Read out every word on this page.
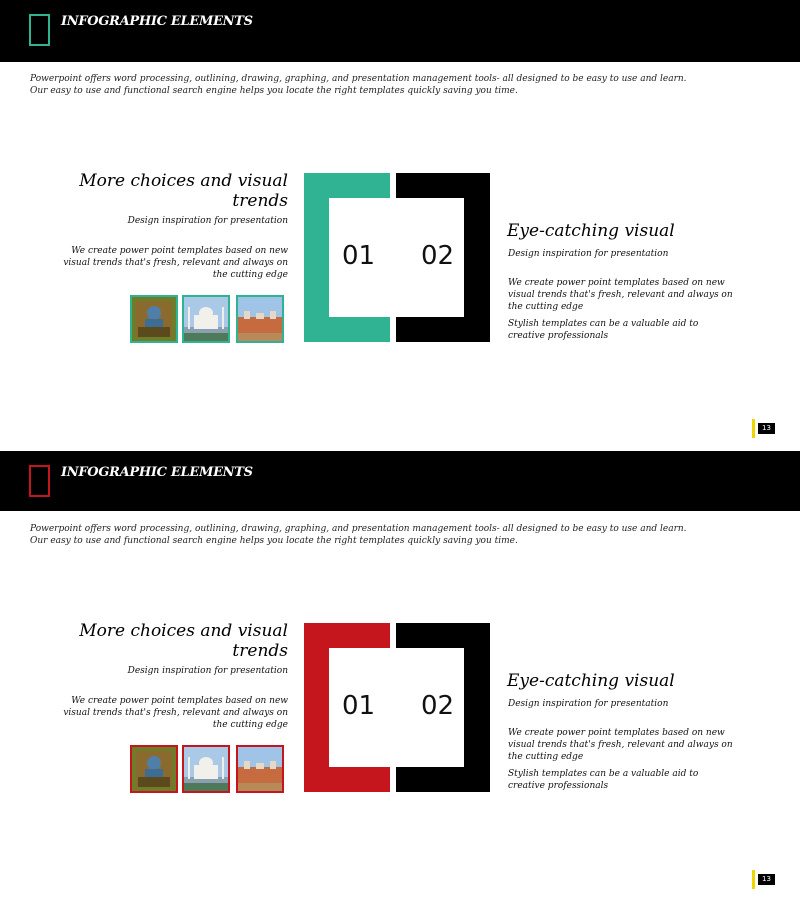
INFOGRAPHIC ELEMENTS
Powerpoint offers word processing, outlining, drawing, graphing, and presentation management tools- all designed to be easy to use and learn.
Our easy to use and functional search engine helps you locate the right templates quickly saving you time.
More choices and visual trends
Design inspiration for presentation
We create power point templates based on new visual trends that's fresh, relevant and always on the cutting edge
01 02
Eye-catching visual
Design inspiration for presentation
We create power point templates based on new visual trends that's fresh, relevant and always on the cutting edge
Stylish templates can be a valuable aid to creative professionals
13
INFOGRAPHIC ELEMENTS
Powerpoint offers word processing, outlining, drawing, graphing, and presentation management tools- all designed to be easy to use and learn.
Our easy to use and functional search engine helps you locate the right templates quickly saving you time.
More choices and visual trends
Design inspiration for presentation
We create power point templates based on new visual trends that's fresh, relevant and always on the cutting edge
01 02
Eye-catching visual
Design inspiration for presentation
We create power point templates based on new visual trends that's fresh, relevant and always on the cutting edge
Stylish templates can be a valuable aid to creative professionals
13
